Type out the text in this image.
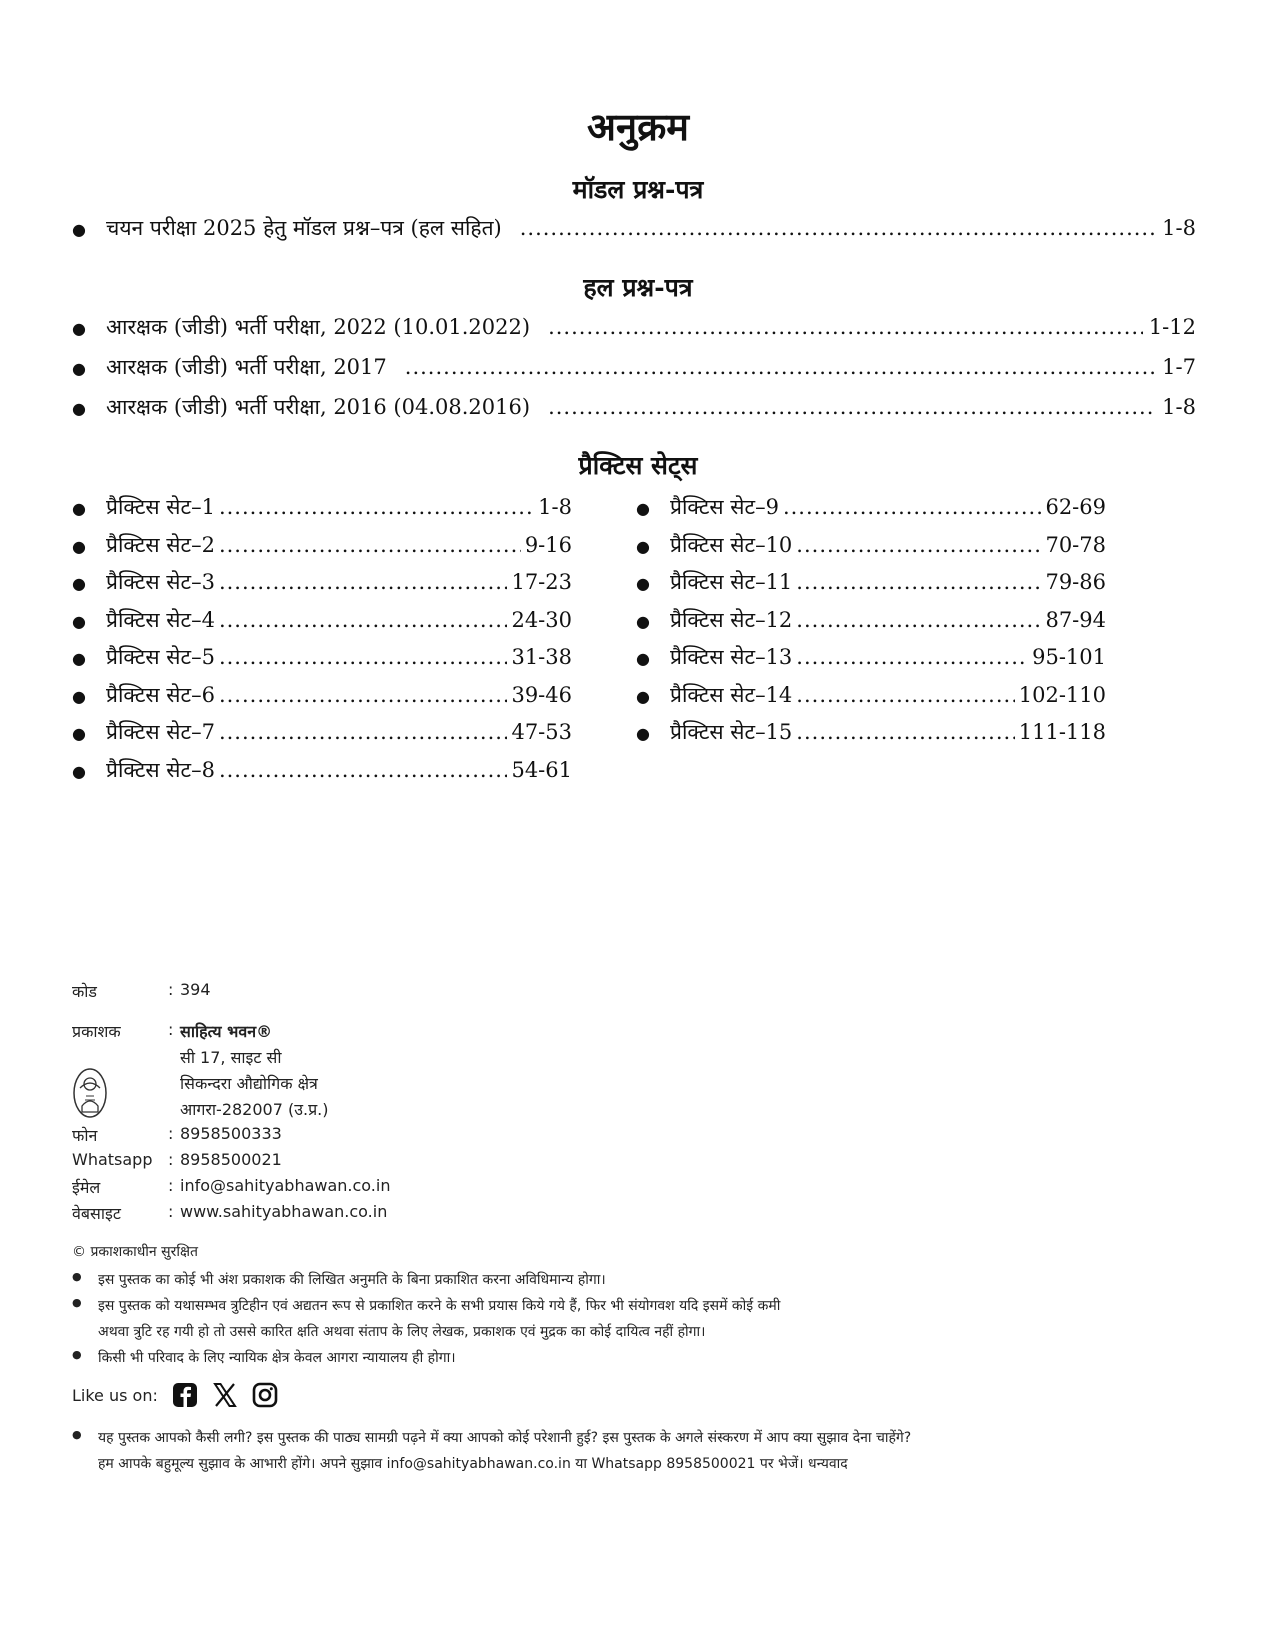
अनुक्रम
मॉडल प्रश्न-पत्र
● चयन परीक्षा 2025 हेतु मॉडल प्रश्न–पत्र (हल सहित) .....	1-8
हल प्रश्न-पत्र
● आरक्षक (जीडी) भर्ती परीक्षा, 2022 (10.01.2022) .....	1-12
● आरक्षक (जीडी) भर्ती परीक्षा, 2017 .....	1-7
● आरक्षक (जीडी) भर्ती परीक्षा, 2016 (04.08.2016) .....	1-8
प्रैक्टिस सेट्स
● प्रैक्टिस सेट–1 .....	1-8
● प्रैक्टिस सेट–2 .....	9-16
● प्रैक्टिस सेट–3 .....	17-23
● प्रैक्टिस सेट–4 .....	24-30
● प्रैक्टिस सेट–5 .....	31-38
● प्रैक्टिस सेट–6 .....	39-46
● प्रैक्टिस सेट–7 .....	47-53
● प्रैक्टिस सेट–8 .....	54-61
● प्रैक्टिस सेट–9 .....	62-69
● प्रैक्टिस सेट–10 .....	70-78
● प्रैक्टिस सेट–11 .....	79-86
● प्रैक्टिस सेट–12 .....	87-94
● प्रैक्टिस सेट–13 .....	95-101
● प्रैक्टिस सेट–14 .....	102-110
● प्रैक्टिस सेट–15 .....	111-118
कोड	: 394
प्रकाशक	: साहित्य भवन®
सी 17, साइट सी
सिकन्दरा औद्योगिक क्षेत्र
आगरा-282007 (उ.प्र.)
फोन	: 8958500333
Whatsapp : 8958500021
ईमेल	: info@sahityabhawan.co.in
वेबसाइट	: www.sahityabhawan.co.in
© प्रकाशकाधीन सुरक्षित
● इस पुस्तक का कोई भी अंश प्रकाशक की लिखित अनुमति के बिना प्रकाशित करना अविधिमान्य होगा।
● इस पुस्तक को यथासम्भव त्रुटिहीन एवं अद्यतन रूप से प्रकाशित करने के सभी प्रयास किये गये हैं, फिर भी संयोगवश यदि इसमें कोई कमी
अथवा त्रुटि रह गयी हो तो उससे कारित क्षति अथवा संताप के लिए लेखक, प्रकाशक एवं मुद्रक का कोई दायित्व नहीं होगा।
● किसी भी परिवाद के लिए न्यायिक क्षेत्र केवल आगरा न्यायालय ही होगा।
Like us on:
● यह पुस्तक आपको कैसी लगी? इस पुस्तक की पाठ्य सामग्री पढ़ने में क्या आपको कोई परेशानी हुई? इस पुस्तक के अगले संस्करण में आप क्या सुझाव देना चाहेंगे?
हम आपके बहुमूल्य सुझाव के आभारी होंगे। अपने सुझाव info@sahityabhawan.co.in या Whatsapp 8958500021 पर भेजें। धन्यवाद
